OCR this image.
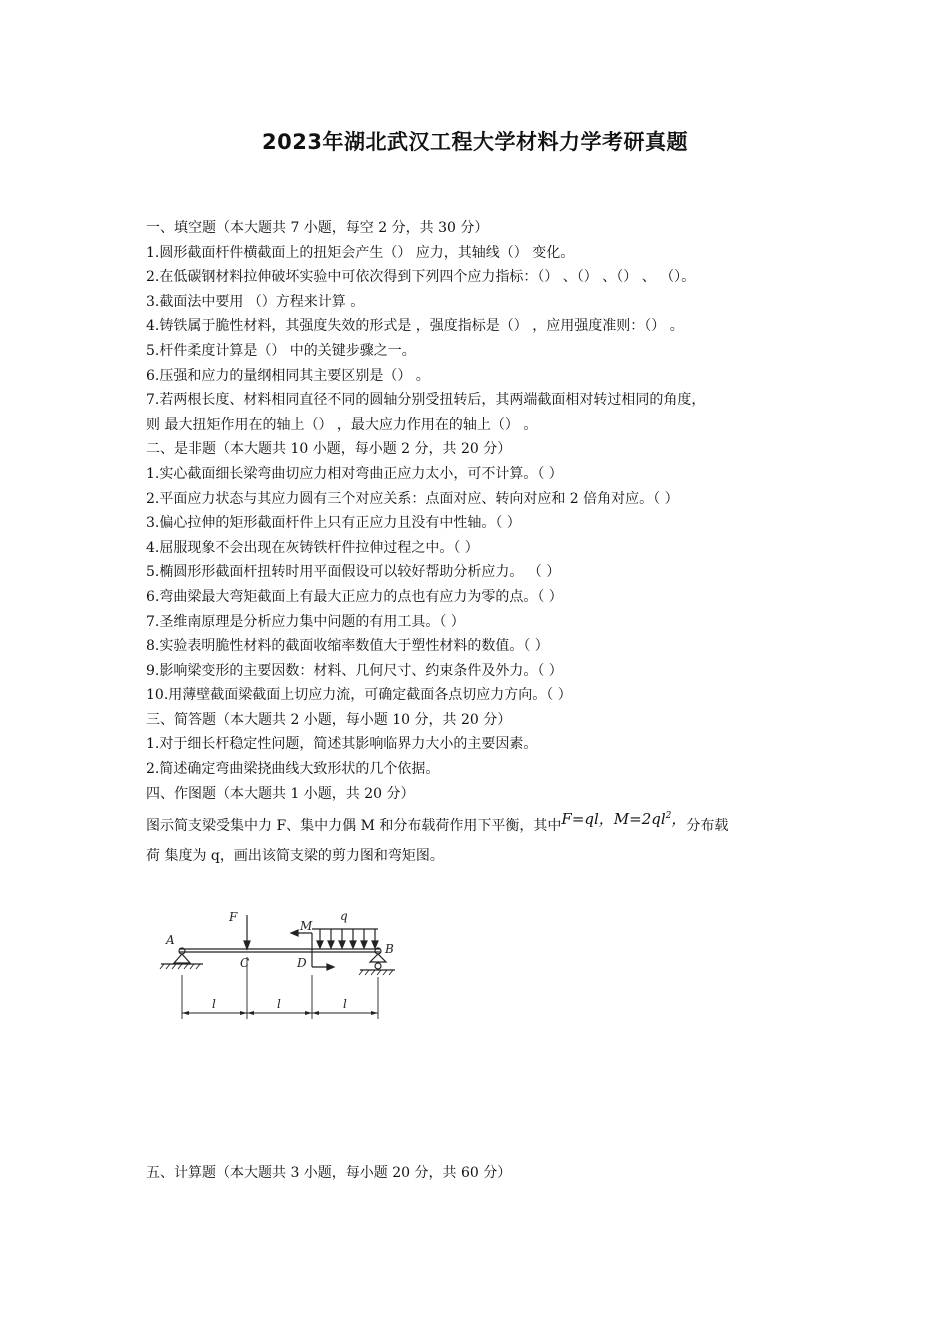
2023年湖北武汉工程大学材料力学考研真题
一、填空题（本大题共 7 小题，每空 2 分，共 30 分）
1.圆形截面杆件横截面上的扭矩会产生（） 应力，其轴线（） 变化。
2.在低碳钢材料拉伸破坏实验中可依次得到下列四个应力指标：（） 、（） 、（） 、 （）。
3.截面法中要用 （）方程来计算 。
4.铸铁属于脆性材料，其强度失效的形式是 ，强度指标是（） ，应用强度准则：（） 。
5.杆件柔度计算是（） 中的关键步骤之一。
6.压强和应力的量纲相同其主要区别是（） 。
7.若两根长度、材料相同直径不同的圆轴分别受扭转后，其两端截面相对转过相同的角度，
则 最大扭矩作用在的轴上（） ，最大应力作用在的轴上（） 。
二、是非题（本大题共 10 小题，每小题 2 分，共 20 分）
1.实心截面细长梁弯曲切应力相对弯曲正应力太小，可不计算。（ ）
2.平面应力状态与其应力圆有三个对应关系：点面对应、转向对应和 2 倍角对应。（ ）
3.偏心拉伸的矩形截面杆件上只有正应力且没有中性轴。（ ）
4.屈服现象不会出现在灰铸铁杆件拉伸过程之中。（ ）
5.椭圆形形截面杆扭转时用平面假设可以较好帮助分析应力。 （ ）
6.弯曲梁最大弯矩截面上有最大正应力的点也有应力为零的点。（ ）
7.圣维南原理是分析应力集中问题的有用工具。（ ）
8.实验表明脆性材料的截面收缩率数值大于塑性材料的数值。（ ）
9.影响梁变形的主要因数：材料、几何尺寸、约束条件及外力。（ ）
10.用薄壁截面梁截面上切应力流，可确定截面各点切应力方向。（ ）
三、简答题（本大题共 2 小题，每小题 10 分，共 20 分）
1.对于细长杆稳定性问题，简述其影响临界力大小的主要因素。
2.简述确定弯曲梁挠曲线大致形状的几个依据。
四、作图题（本大题共 1 小题，共 20 分）
图示简支梁受集中力 F、集中力偶 M 和分布载荷作用下平衡，其中F=ql，$M=2ql^2$，分布载
荷 集度为 q，画出该简支梁的剪力图和弯矩图。
F
M
q
A
B
C	D
l	l	l
五、计算题（本大题共 3 小题，每小题 20 分，共 60 分）
